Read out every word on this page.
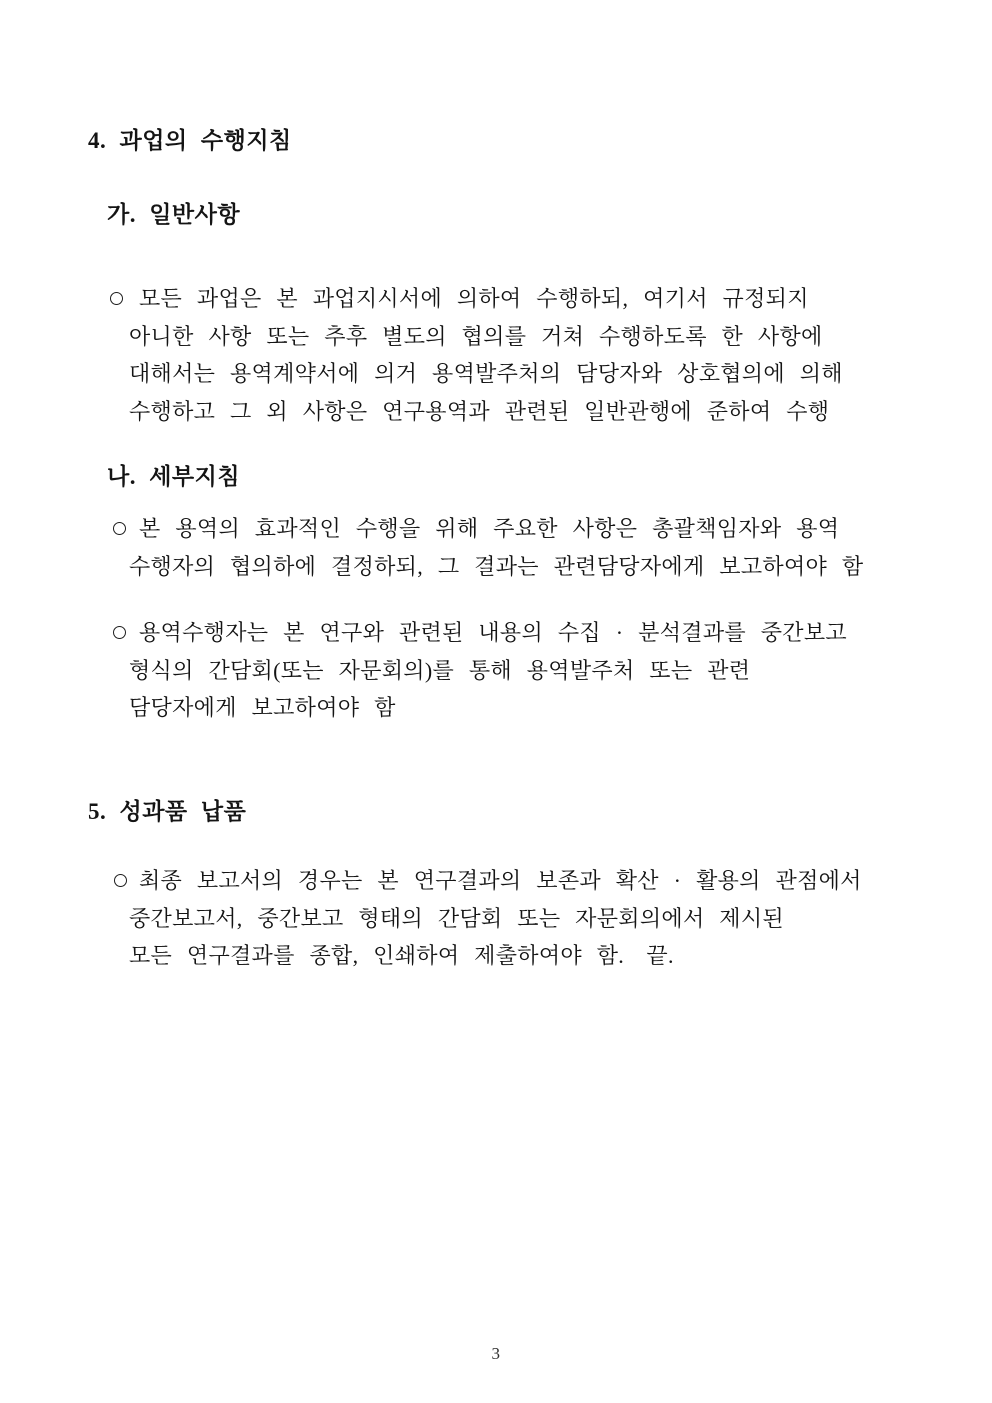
4. 과업의 수행지침
가. 일반사항
모든 과업은 본 과업지시서에 의하여 수행하되, 여기서 규정되지
아니한 사항 또는 추후 별도의 협의를 거쳐 수행하도록 한 사항에
대해서는 용역계약서에 의거 용역발주처의 담당자와 상호협의에 의해
수행하고 그 외 사항은 연구용역과 관련된 일반관행에 준하여 수행
나. 세부지침
본 용역의 효과적인 수행을 위해 주요한 사항은 총괄책임자와 용역
수행자의 협의하에 결정하되, 그 결과는 관련담당자에게 보고하여야 함
용역수행자는 본 연구와 관련된 내용의 수집 · 분석결과를 중간보고
형식의 간담회(또는 자문회의)를 통해 용역발주처 또는 관련
담당자에게 보고하여야 함
5. 성과품 납품
최종 보고서의 경우는 본 연구결과의 보존과 확산 · 활용의 관점에서
중간보고서, 중간보고 형태의 간담회 또는 자문회의에서 제시된
모든 연구결과를 종합, 인쇄하여 제출하여야 함. 끝.
3
